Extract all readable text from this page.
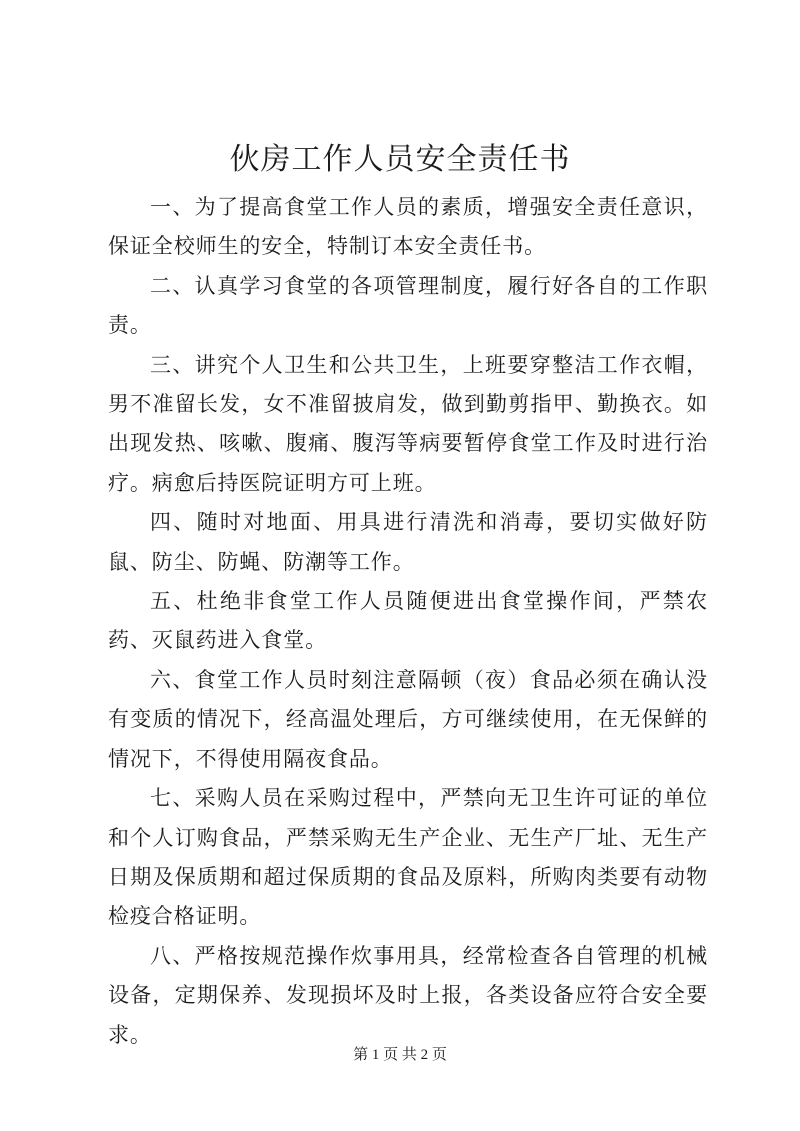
伙房工作人员安全责任书

一、为了提高食堂工作人员的素质，增强安全责任意识，保证全校师生的安全，特制订本安全责任书。

二、认真学习食堂的各项管理制度，履行好各自的工作职责。

三、讲究个人卫生和公共卫生，上班要穿整洁工作衣帽，男不准留长发，女不准留披肩发，做到勤剪指甲、勤换衣。如出现发热、咳嗽、腹痛、腹泻等病要暂停食堂工作及时进行治疗。病愈后持医院证明方可上班。

四、随时对地面、用具进行清洗和消毒，要切实做好防鼠、防尘、防蝇、防潮等工作。

五、杜绝非食堂工作人员随便进出食堂操作间，严禁农药、灭鼠药进入食堂。

六、食堂工作人员时刻注意隔顿（夜）食品必须在确认没有变质的情况下，经高温处理后，方可继续使用，在无保鲜的情况下，不得使用隔夜食品。

七、采购人员在采购过程中，严禁向无卫生许可证的单位和个人订购食品，严禁采购无生产企业、无生产厂址、无生产日期及保质期和超过保质期的食品及原料，所购肉类要有动物检疫合格证明。

八、严格按规范操作炊事用具，经常检查各自管理的机械设备，定期保养、发现损坏及时上报，各类设备应符合安全要求。

第 1 页 共 2 页
